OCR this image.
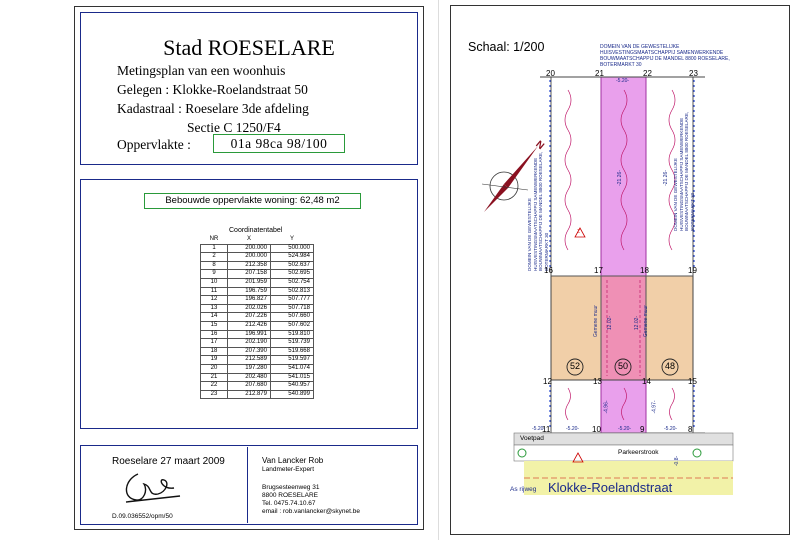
Stad ROESELARE
Metingsplan van een woonhuis
Gelegen : Klokke-Roelandstraat 50
Kadastraal : Roeselare 3de afdeling
Sectie C 1250/F4
Oppervlakte :	01a 98ca 98/100
Bebouwde oppervlakte woning: 62,48 m2
Coordinatentabel
NR	X	Y
1	200.000	500.000
2	200.000	524.984
8	212.358	502.637
9	207.158	502.695
10	201.959	502.754
11	196.759	502.813
12	196.827	507.777
13	202.026	507.718
14	207.226	507.660
15	212.426	507.602
16	196.991	519.810
17	202.190	519.739
18	207.390	519.668
19	212.589	519.597
20	197.280	541.074
21	202.480	541.015
22	207.680	540.957
23	212.879	540.899
Roeselare 27 maart 2009
D.09.036552/opm/50
Van Lancker Rob
Landmeter-Expert
Brugsesteenweg 31
8800 ROESELARE
Tel. 0475.74.10.67
email : rob.vanlancker@skynet.be
Schaal: 1/200	DOMEIN VAN DE GEWESTELIJKE HUISVESTINGSMAATSCHAPPIJ SAMENWERKENDE BOUWMAATSCHAPPIJ DE MANDEL 8800 ROESELARE, BOTERMARKT 30
DOMEIN VAN DE GEWESTELIJKE HUISVESTINGSMAATSCHAPPIJ SAMENWERKENDE BOUWMAATSCHAPPIJ DE MANDEL 8800 ROESELARE, BOTERMARKT 30
DOMEIN VAN DE GEWESTELIJKE HUISVESTINGSMAATSCHAPPIJ SAMENWERKENDE BOUWMAATSCHAPPIJ DE MANDEL 8800 ROESELARE, BOTERMARKT 30
20	21	22	23
16	17	18	19
12	13	14	15
11	10	9	8
52	50	48
-5.20-
-21.26-	-21.26-
12.02-	12.02-
-4.96-	-4.97-
-5.20-	-5.20-	-5.20-
-5.20-
Gemene muur	Gemene muur
N
Z
Voetpad
Parkeerstrook
-0.8-
As rijweg Klokke-Roelandstraat
